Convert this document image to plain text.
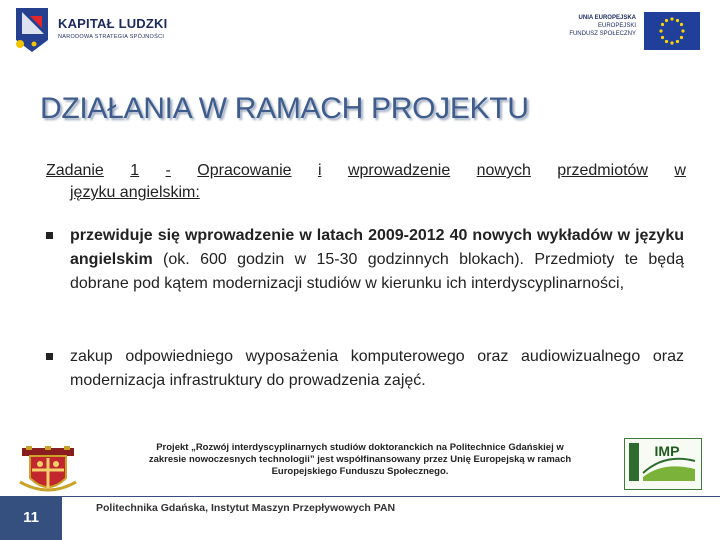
KAPITAŁ LUDZKI
NARODOWA STRATEGIA SPÓJNOŚCI
UNIA EUROPEJSKA
EUROPEJSKI
FUNDUSZ SPOŁECZNY
DZIAŁANIA W RAMACH PROJEKTU
Zadanie 1 - Opracowanie i wprowadzenie nowych przedmiotów w
języku angielskim:
przewiduje się wprowadzenie w latach 2009-2012 40 nowych wykładów w języku angielskim (ok. 600 godzin w 15-30 godzinnych blokach). Przedmioty te będą dobrane pod kątem modernizacji studiów w kierunku ich interdyscyplinarności,
zakup odpowiedniego wyposażenia komputerowego oraz audiowizualnego oraz modernizacja infrastruktury do prowadzenia zajęć.
Projekt „Rozwój interdyscyplinarnych studiów doktoranckich na Politechnice Gdańskiej w
zakresie nowoczesnych technologii” jest współfinansowany przez Unię Europejską w ramach
Europejskiego Funduszu Społecznego.
IMP
11
Politechnika Gdańska, Instytut Maszyn Przepływowych PAN
